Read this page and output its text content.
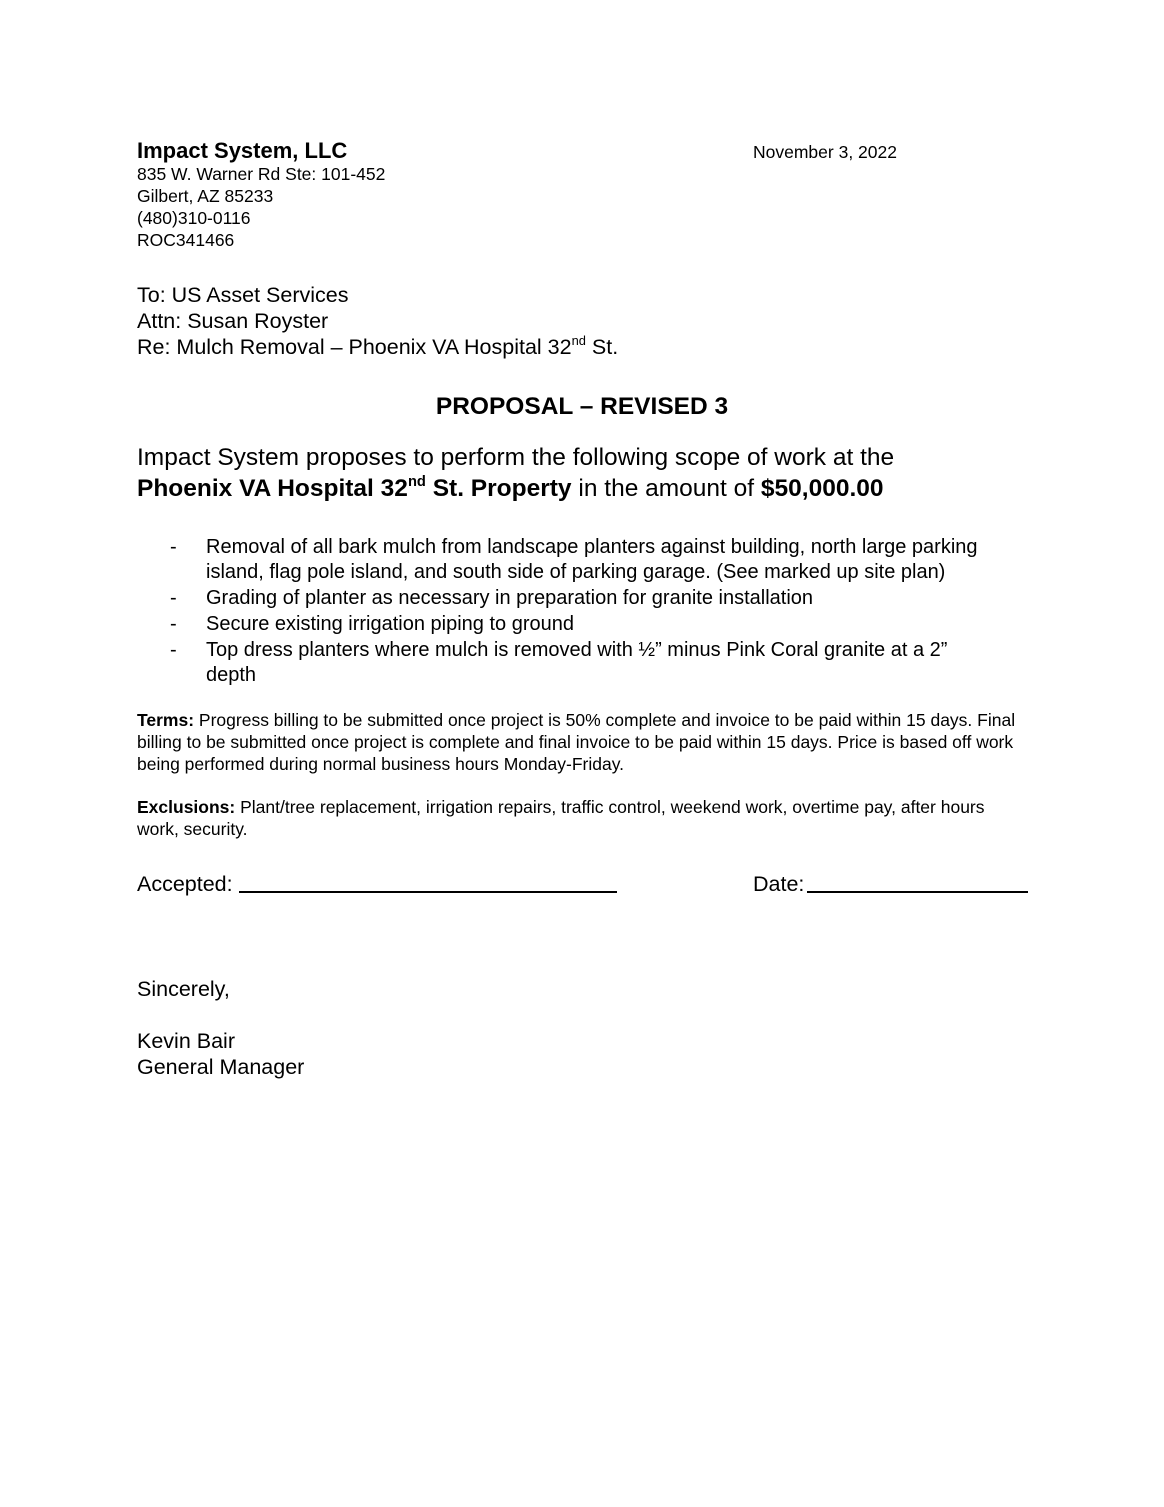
Impact System, LLC
835 W. Warner Rd Ste: 101-452
Gilbert, AZ 85233
(480)310-0116
ROC341466
November 3, 2022
To: US Asset Services
Attn: Susan Royster
Re: Mulch Removal – Phoenix VA Hospital 32nd St.
PROPOSAL – REVISED 3
Impact System proposes to perform the following scope of work at the
Phoenix VA Hospital 32nd St. Property in the amount of $50,000.00
- Removal of all bark mulch from landscape planters against building, north large parking island, flag pole island, and south side of parking garage. (See marked up site plan)
- Grading of planter as necessary in preparation for granite installation
- Secure existing irrigation piping to ground
- Top dress planters where mulch is removed with ½” minus Pink Coral granite at a 2” depth
Terms: Progress billing to be submitted once project is 50% complete and invoice to be paid within 15 days. Final billing to be submitted once project is complete and final invoice to be paid within 15 days. Price is based off work being performed during normal business hours Monday-Friday.
Exclusions: Plant/tree replacement, irrigation repairs, traffic control, weekend work, overtime pay, after hours work, security.
Accepted:	Date:
Sincerely,
Kevin Bair
General Manager
